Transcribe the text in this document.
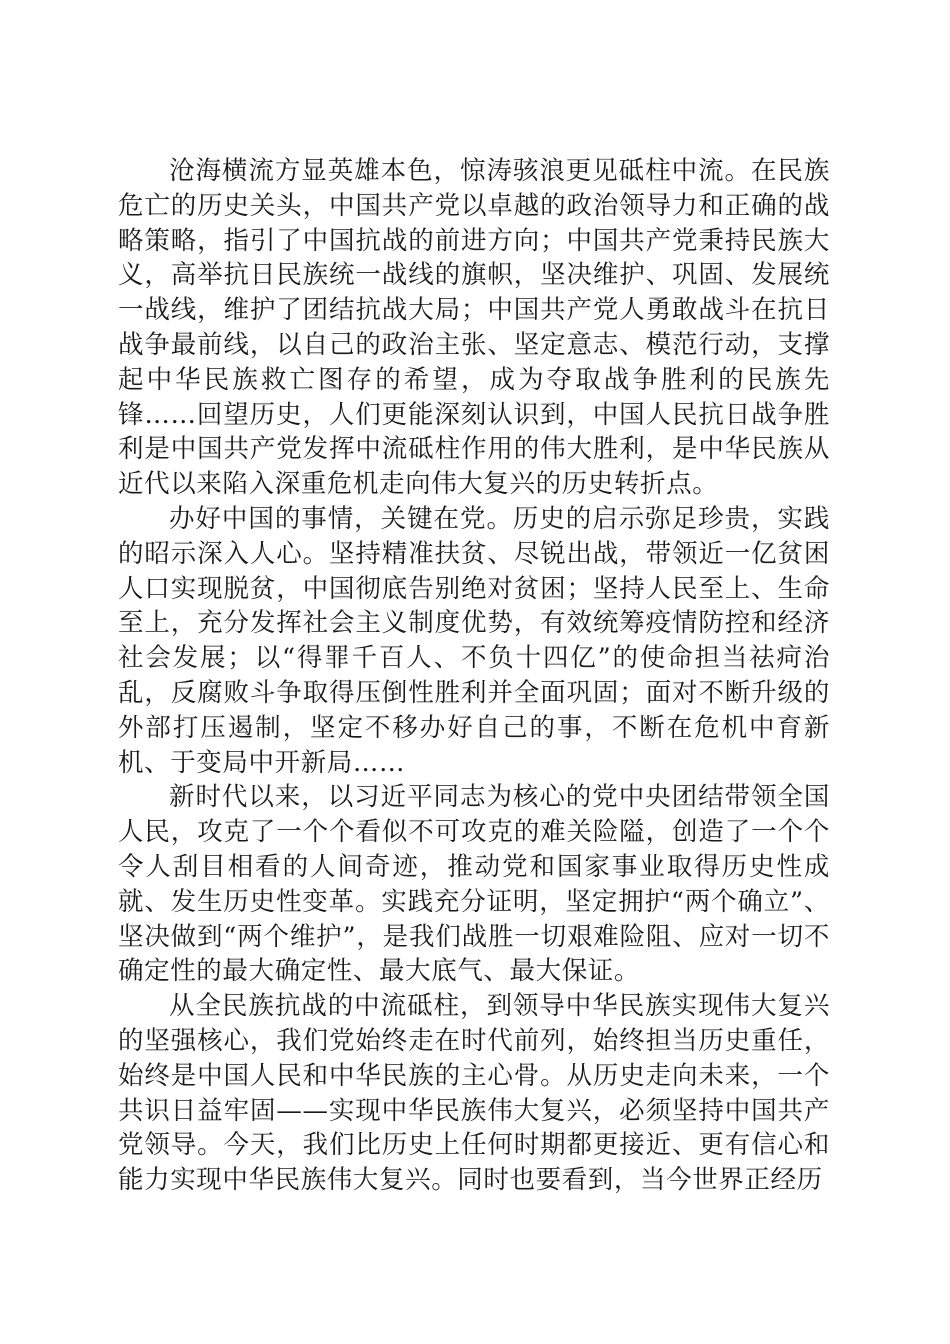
沧海横流方显英雄本色，惊涛骇浪更见砥柱中流。在民族危亡的历史关头，中国共产党以卓越的政治领导力和正确的战略策略，指引了中国抗战的前进方向；中国共产党秉持民族大义，高举抗日民族统一战线的旗帜，坚决维护、巩固、发展统一战线，维护了团结抗战大局；中国共产党人勇敢战斗在抗日战争最前线，以自己的政治主张、坚定意志、模范行动，支撑起中华民族救亡图存的希望，成为夺取战争胜利的民族先锋……回望历史，人们更能深刻认识到，中国人民抗日战争胜利是中国共产党发挥中流砥柱作用的伟大胜利，是中华民族从近代以来陷入深重危机走向伟大复兴的历史转折点。

办好中国的事情，关键在党。历史的启示弥足珍贵，实践的昭示深入人心。坚持精准扶贫、尽锐出战，带领近一亿贫困人口实现脱贫，中国彻底告别绝对贫困；坚持人民至上、生命至上，充分发挥社会主义制度优势，有效统筹疫情防控和经济社会发展；以“得罪千百人、不负十四亿”的使命担当祛疴治乱，反腐败斗争取得压倒性胜利并全面巩固；面对不断升级的外部打压遏制，坚定不移办好自己的事，不断在危机中育新机、于变局中开新局……

新时代以来，以习近平同志为核心的党中央团结带领全国人民，攻克了一个个看似不可攻克的难关险隘，创造了一个个令人刮目相看的人间奇迹，推动党和国家事业取得历史性成就、发生历史性变革。实践充分证明，坚定拥护“两个确立”、坚决做到“两个维护”，是我们战胜一切艰难险阻、应对一切不确定性的最大确定性、最大底气、最大保证。

从全民族抗战的中流砥柱，到领导中华民族实现伟大复兴的坚强核心，我们党始终走在时代前列，始终担当历史重任，始终是中国人民和中华民族的主心骨。从历史走向未来，一个共识日益牢固——实现中华民族伟大复兴，必须坚持中国共产党领导。今天，我们比历史上任何时期都更接近、更有信心和能力实现中华民族伟大复兴。同时也要看到，当今世界正经历
